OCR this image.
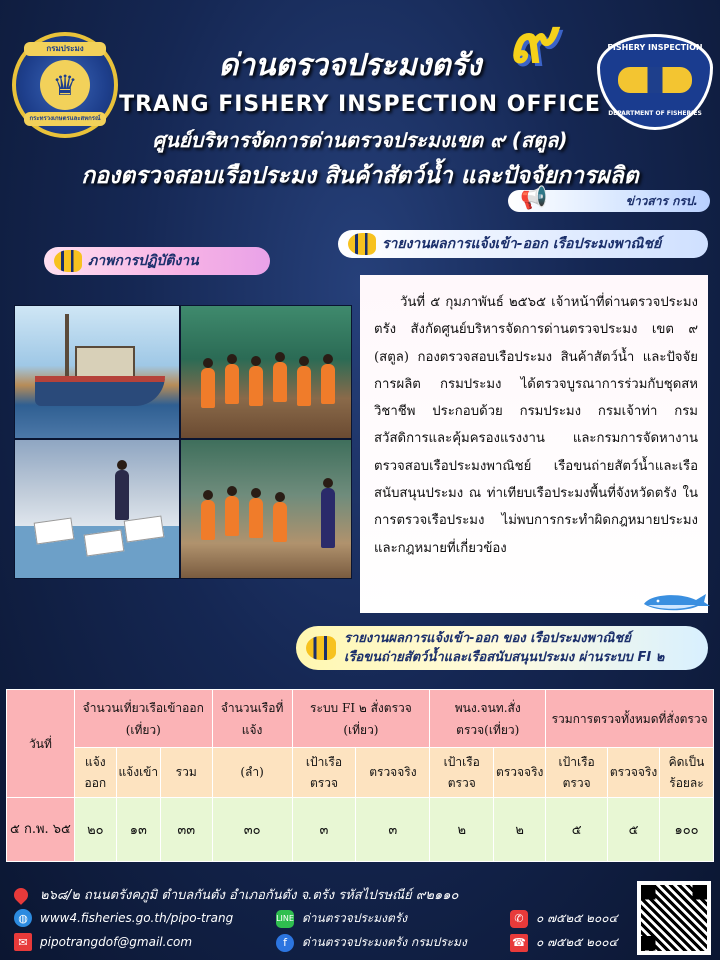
กรมประมง
♛
กระทรวงเกษตรและสหกรณ์
ด่านตรวจประมงตรัง ๙	FISHERY INSPECTION
DEPARTMENT OF FISHERIES
TRANG FISHERY INSPECTION OFFICE
ศูนย์บริหารจัดการด่านตรวจประมงเขต ๙ (สตูล)
กองตรวจสอบเรือประมง สินค้าสัตว์น้ำ และปัจจัยการผลิต
ข่าวสาร กรป.
📢
ภาพการปฏิบัติงาน
รายงานผลการแจ้งเข้า-ออก เรือประมงพาณิชย์

วันที่ ๕ กุมภาพันธ์ ๒๕๖๕ เจ้าหน้าที่ด่านตรวจประมงตรัง สังกัดศูนย์บริหารจัดการด่านตรวจประมง เขต ๙ (สตูล) กองตรวจสอบเรือประมง สินค้าสัตว์น้ำ และปัจจัยการผลิต กรมประมง ได้ตรวจบูรณาการร่วมกับชุดสหวิชาชีพ ประกอบด้วย กรมประมง กรมเจ้าท่า กรมสวัสดิการและคุ้มครองแรงงาน และกรมการจัดหางาน ตรวจสอบเรือประมงพาณิชย์ เรือขนถ่ายสัตว์น้ำและเรือสนับสนุนประมง ณ ท่าเทียบเรือประมงพื้นที่จังหวัดตรัง ในการตรวจเรือประมง ไม่พบการกระทำผิดกฎหมายประมงและกฎหมายที่เกี่ยวข้อง

รายงานผลการแจ้งเข้า-ออก ของ เรือประมงพาณิชย์
เรือขนถ่ายสัตว์น้ำและเรือสนับสนุนประมง ผ่านระบบ FI ๒
วันที่	จำนวนเที่ยวเรือเข้าออก (เที่ยว)			จำนวนเรือที่แจ้ง	ระบบ FI ๒ สั่งตรวจ (เที่ยว)		พนง.จนท.สั่งตรวจ(เที่ยว)		รวมการตรวจทั้งหมดที่สั่งตรวจ		
	แจ้งออก	แจ้งเข้า	รวม	(ลำ)	เป้าเรือตรวจ	ตรวจจริง	เป้าเรือตรวจ	ตรวจจริง	เป้าเรือตรวจ	ตรวจจริง	คิดเป็นร้อยละ
๕ ก.พ. ๖๕	๒๐	๑๓	๓๓	๓๐	๓	๓	๒	๒	๕	๕	๑๐๐
๒๖๘/๒ ถนนตรังคภูมิ ตำบลกันตัง อำเภอกันตัง จ.ตรัง รหัสไปรษณีย์ ๙๒๑๑๐
◍	www4.fisheries.go.th/pipo-trang	LINE ด่านตรวจประมงตรัง	✆	๐ ๗๕๒๕ ๒๐๐๔
✉	pipotrangdof@gmail.com	f	ด่านตรวจประมงตรัง กรมประมง	☎ ๐ ๗๕๒๕ ๒๐๐๔
